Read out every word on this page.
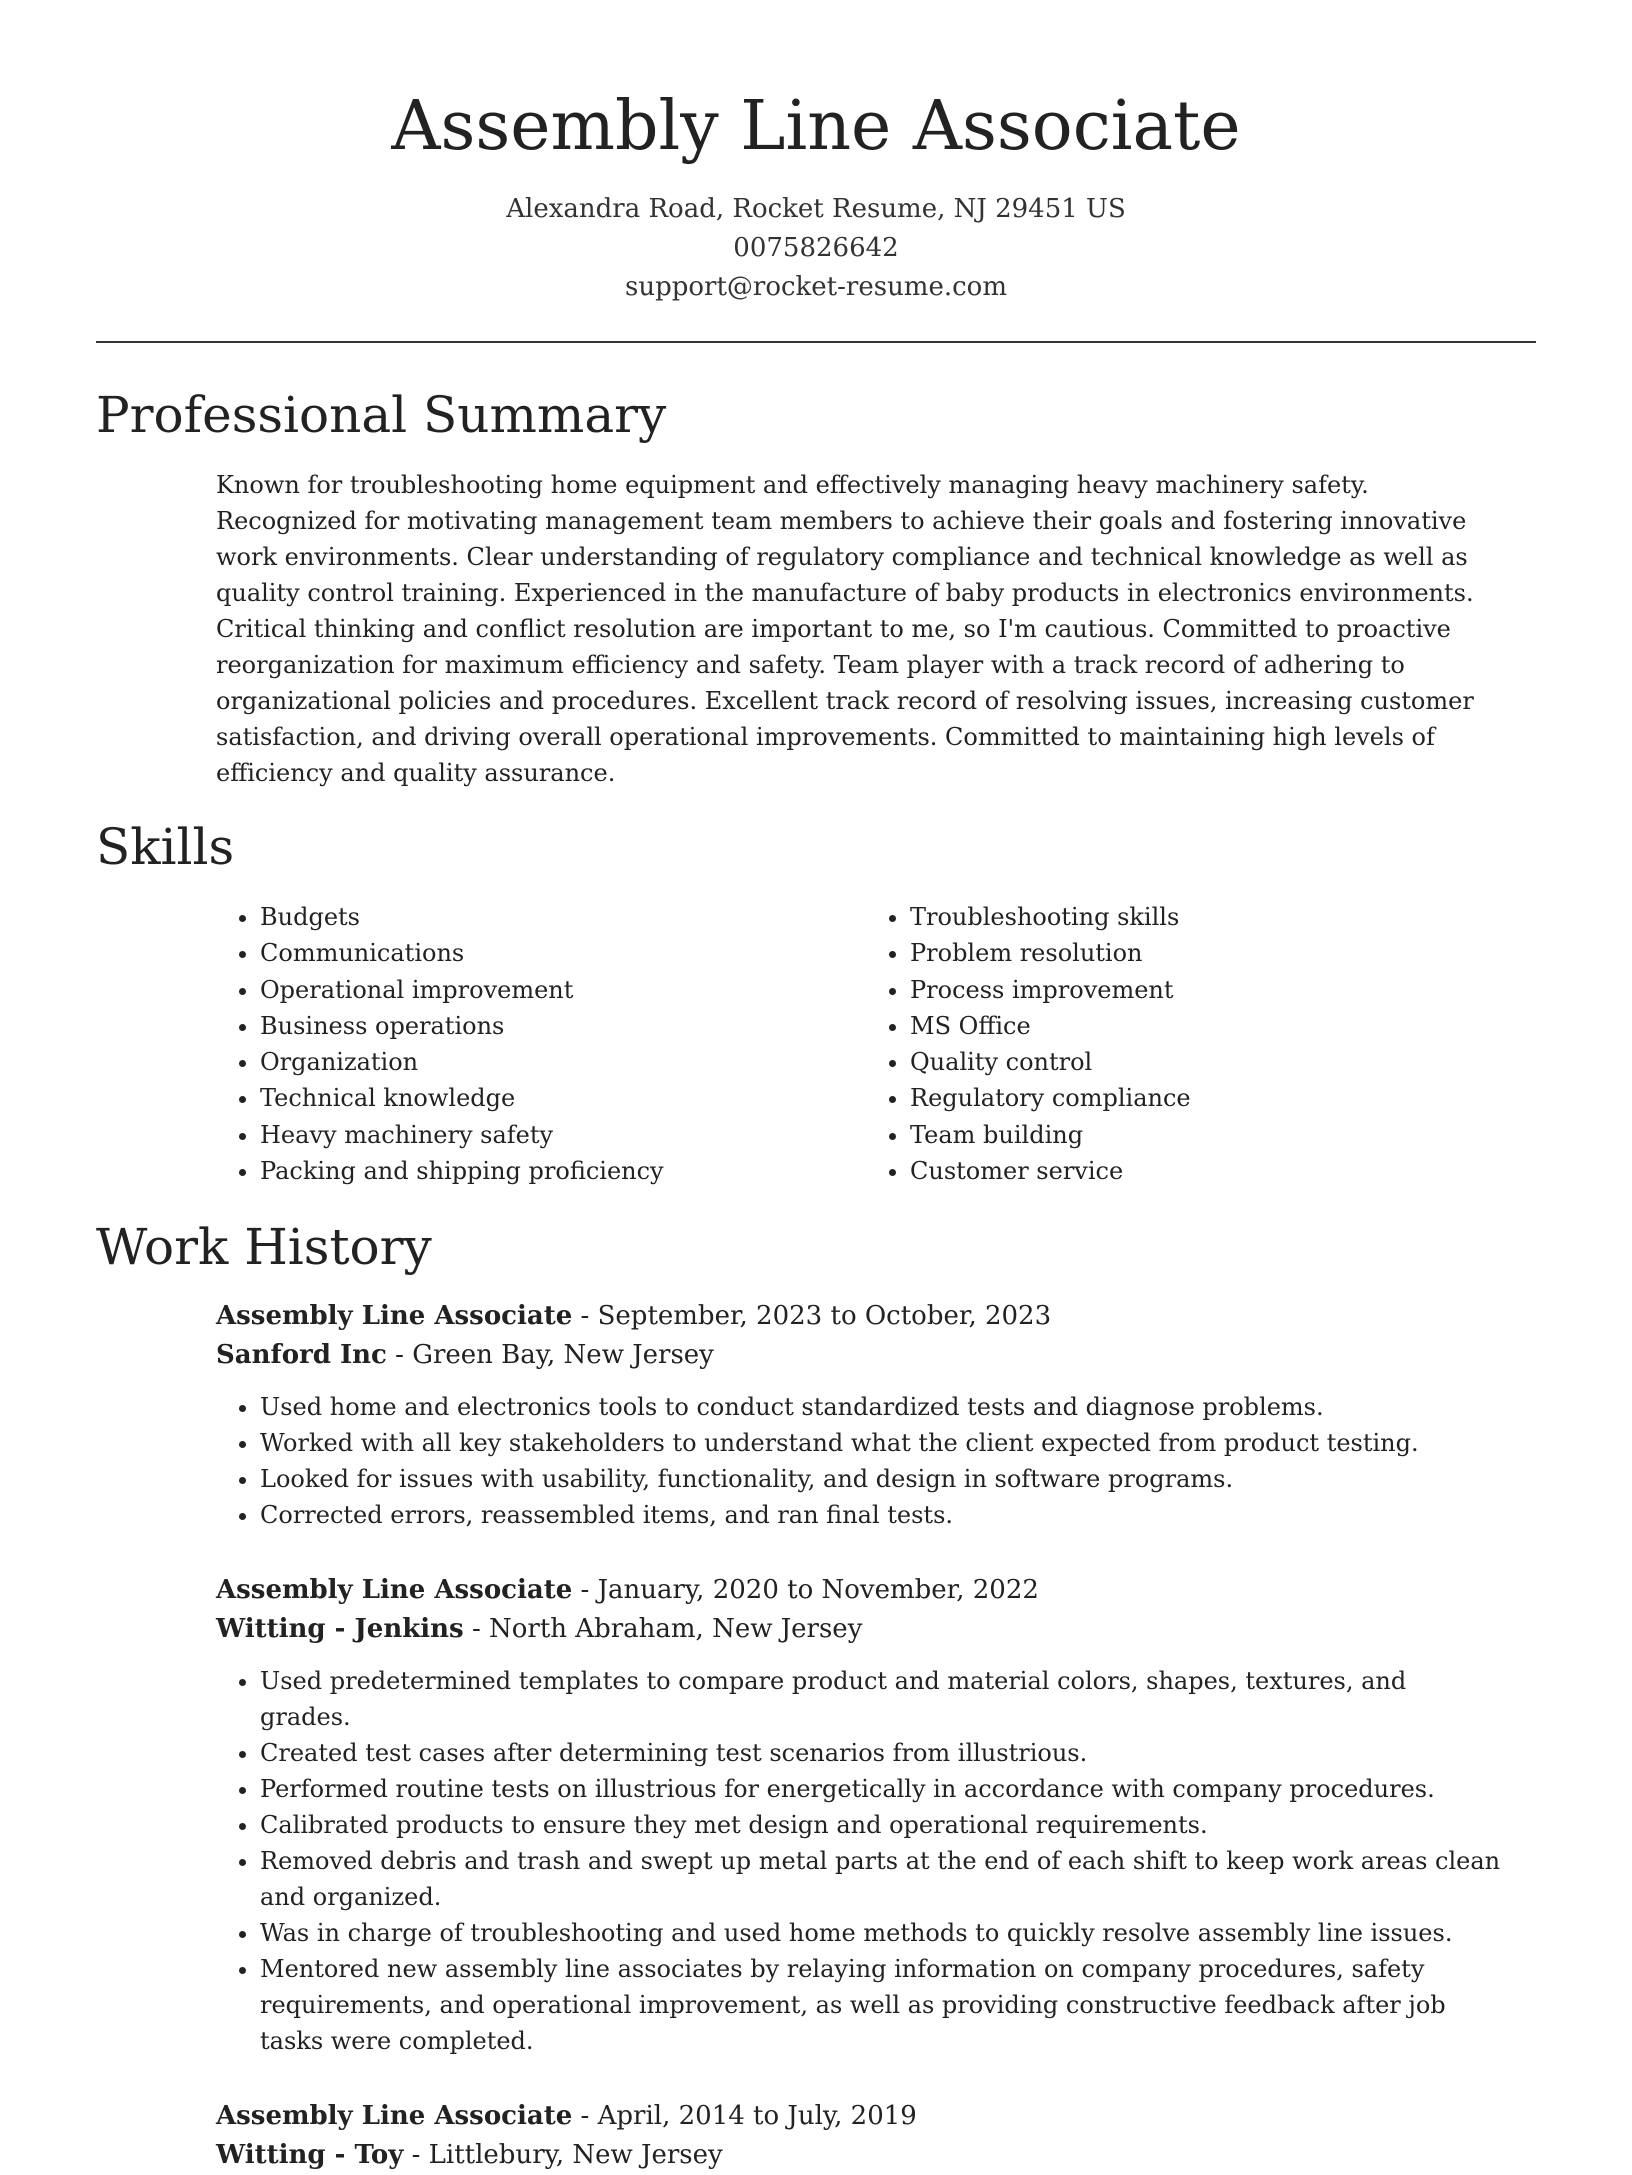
Assembly Line Associate
Alexandra Road, Rocket Resume, NJ 29451 US
0075826642
support@rocket-resume.com
Professional Summary

Known for troubleshooting home equipment and effectively managing heavy machinery safety. Recognized for motivating management team members to achieve their goals and fostering innovative work environments. Clear understanding of regulatory compliance and technical knowledge as well as quality control training. Experienced in the manufacture of baby products in electronics environments. Critical thinking and conflict resolution are important to me, so I'm cautious. Committed to proactive reorganization for maximum efficiency and safety. Team player with a track record of adhering to organizational policies and procedures. Excellent track record of resolving issues, increasing customer satisfaction, and driving overall operational improvements. Committed to maintaining high levels of efficiency and quality assurance.

Skills
• Budgets
• Communications
• Operational improvement
• Business operations
• Organization
• Technical knowledge
• Heavy machinery safety
• Packing and shipping proficiency
• Troubleshooting skills
• Problem resolution
• Process improvement
• MS Office
• Quality control
• Regulatory compliance
• Team building
• Customer service
Work History
Assembly Line Associate - September, 2023 to October, 2023
Sanford Inc - Green Bay, New Jersey
• Used home and electronics tools to conduct standardized tests and diagnose problems.
• Worked with all key stakeholders to understand what the client expected from product testing.
• Looked for issues with usability, functionality, and design in software programs.
• Corrected errors, reassembled items, and ran final tests.
Assembly Line Associate - January, 2020 to November, 2022
Witting - Jenkins - North Abraham, New Jersey
• Used predetermined templates to compare product and material colors, shapes, textures, and grades.
• Created test cases after determining test scenarios from illustrious.
• Performed routine tests on illustrious for energetically in accordance with company procedures.
• Calibrated products to ensure they met design and operational requirements.
• Removed debris and trash and swept up metal parts at the end of each shift to keep work areas clean and organized.
• Was in charge of troubleshooting and used home methods to quickly resolve assembly line issues.
• Mentored new assembly line associates by relaying information on company procedures, safety requirements, and operational improvement, as well as providing constructive feedback after job tasks were completed.
Assembly Line Associate - April, 2014 to July, 2019
Witting - Toy - Littlebury, New Jersey
